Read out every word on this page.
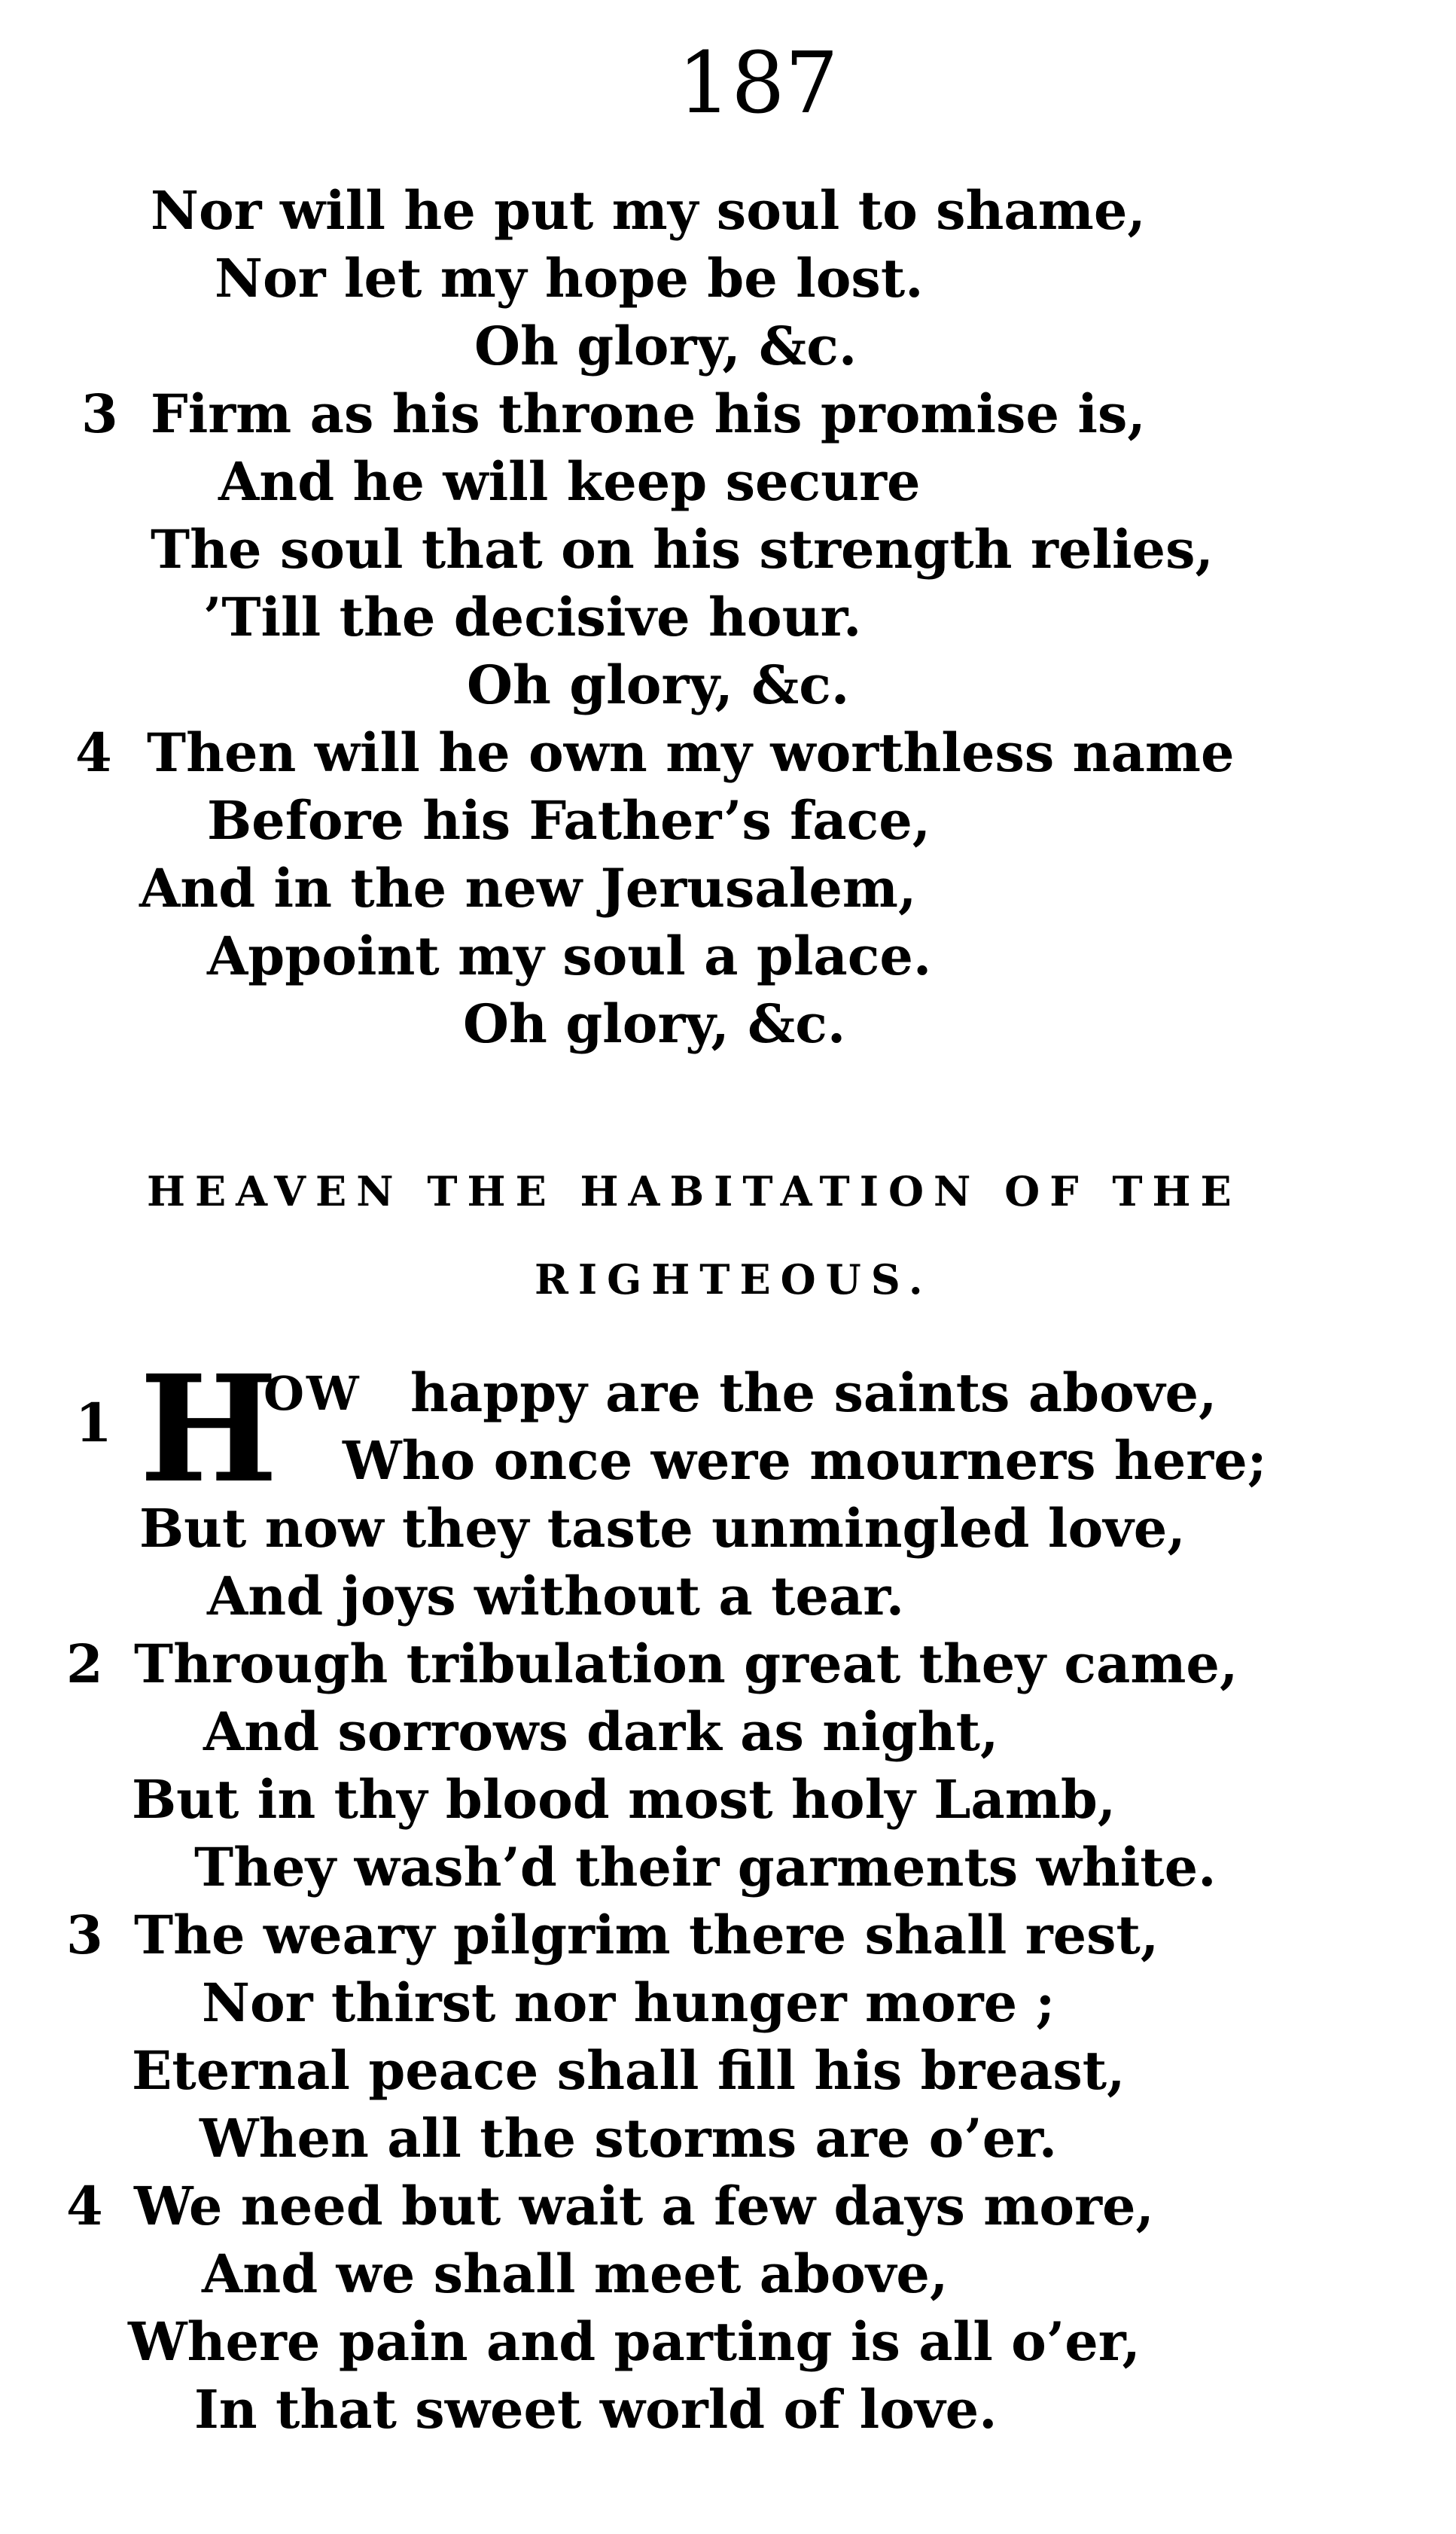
187
Nor will he put my soul to shame,
Nor let my hope be lost.
Oh glory, &c.
3 Firm as his throne his promise is,
And he will keep secure
The soul that on his strength relies,
’Till the decisive hour.
Oh glory, &c.
4 Then will he own my worthless name
Before his Father’s face,
And in the new Jerusalem,
Appoint my soul a place.
Oh glory, &c.
HEAVEN THE HABITATION OF THE
RIGHTEOUS.
1 H
OW happy are the saints above,
Who once were mourners here;
But now they taste unmingled love,
And joys without a tear.
2 Through tribulation great they came,
And sorrows dark as night,
But in thy blood most holy Lamb,
They wash’d their garments white.
3 The weary pilgrim there shall rest,
Nor thirst nor hunger more ;
Eternal peace shall fill his breast,
When all the storms are o’er.
4 We need but wait a few days more,
And we shall meet above,
Where pain and parting is all o’er,
In that sweet world of love.
